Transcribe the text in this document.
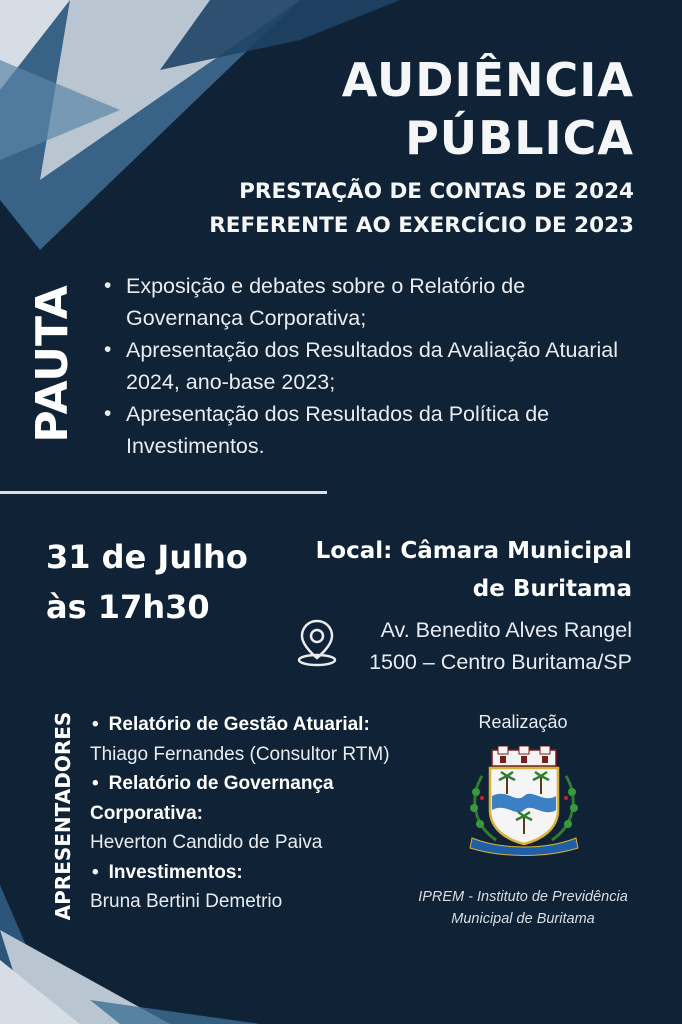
AUDIÊNCIA
PÚBLICA
PRESTAÇÃO DE CONTAS DE 2024
REFERENTE AO EXERCÍCIO DE 2023
PAUTA	• Exposição e debates sobre o Relatório de Governança Corporativa;
• Apresentação dos Resultados da Avaliação Atuarial 2024, ano-base 2023;
• Apresentação dos Resultados da Política de Investimentos.
31 de Julho
às 17h30
Local: Câmara Municipal
de Buritama
Av. Benedito Alves Rangel
1500 – Centro Buritama/SP
APRESENTADORES	• Relatório de Gestão Atuarial:
Thiago Fernandes (Consultor RTM)
• Relatório de Governança Corporativa:
Heverton Candido de Paiva
• Investimentos:
Bruna Bertini Demetrio
Realização
IPREM - Instituto de Previdência
Municipal de Buritama
